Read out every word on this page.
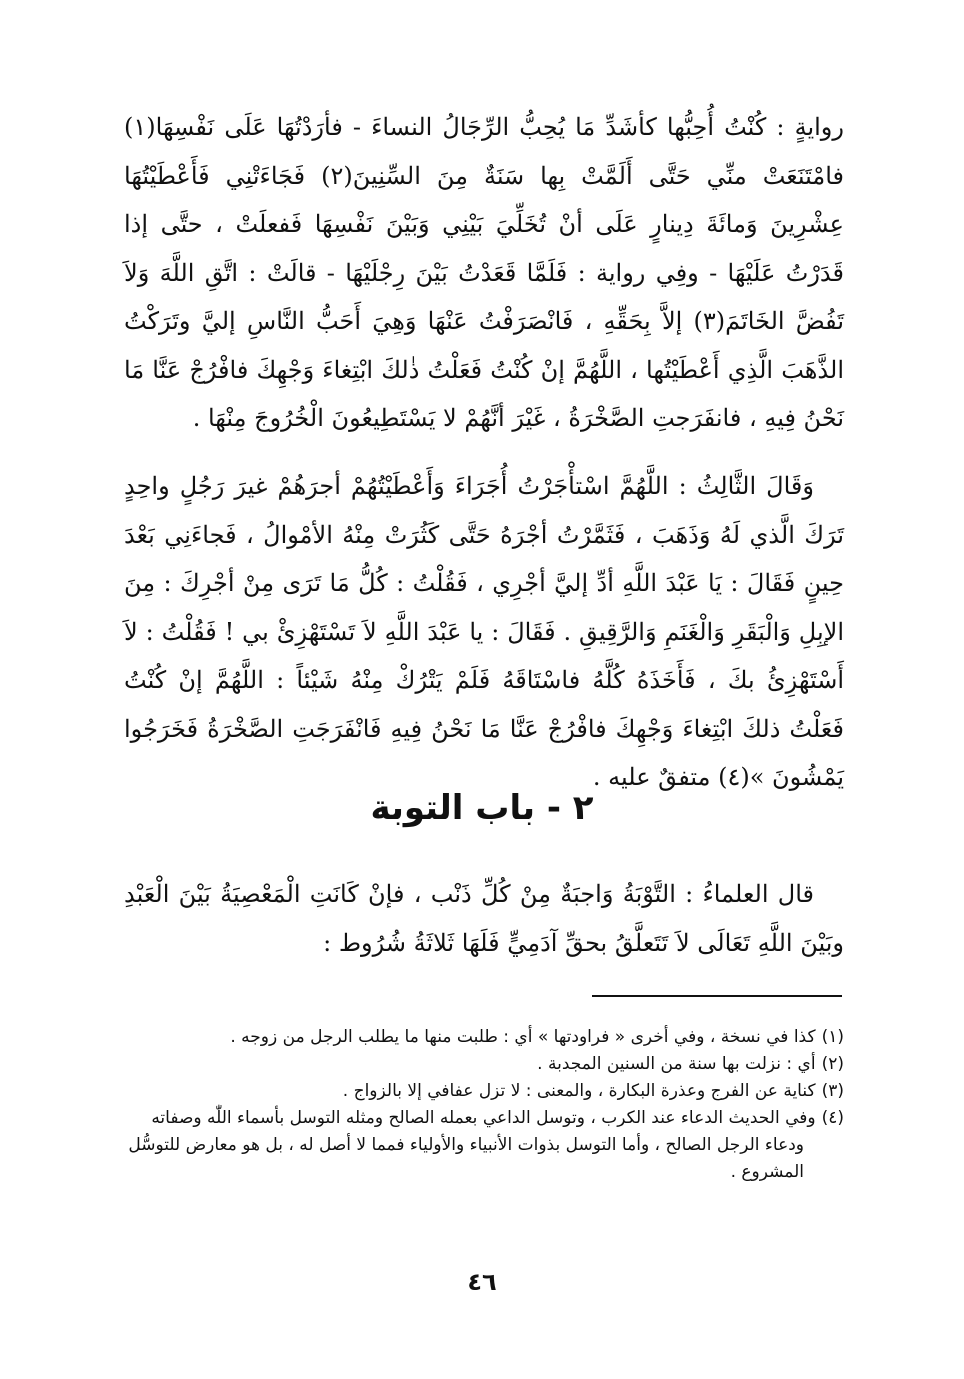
روايةٍ : كُنْتُ أُحِبُّها كأشَدِّ مَا يُحِبُّ الرِّجَالُ النساءَ - فأرَدْتُهَا عَلَى نَفْسِهَا(١) فامْتَنَعَتْ منِّي حَتَّى أَلَمَّتْ بِها سَنَةٌ مِنَ السِّنِينَ(٢) فَجَاءَتْنِي فَأَعْطَيْتُهَا عِشْرِينَ وَمائَةَ دِينارٍ عَلَى أنْ تُخَلِّيَ بَيْنِي وَبَيْنَ نَفْسِهَا فَفعلَتْ ، حتَّى إذا قَدَرْتُ عَلَيْهَا - وفِي رواية : فَلَمَّا قَعَدْتُ بَيْنَ رِجْلَيْهَا - قالَتْ : اتَّقِ اللَّهَ وَلاَ تَفُضَّ الخَاتَمَ(٣) إلاَّ بِحَقِّهِ ، فَانْصَرَفْتُ عَنْهَا وَهِيَ أَحَبُّ النَّاسِ إليَّ وتَرَكْتُ الذَّهَبَ الَّذِي أَعْطَيْتُها ، اللَّهُمَّ إنْ كُنْتُ فَعَلْتُ ذٰلكَ ابْتِغاءَ وَجْهِكَ فافْرُجْ عَنَّا مَا نَحْنُ فِيهِ ، فانفَرَجتِ الصَّخْرَةُ ، غَيْرَ أنَّهُمْ لا يَسْتَطِيعُونَ الْخُرُوجَ مِنْهَا .

وَقَالَ الثَّالِثُ : اللَّهُمَّ اسْتأْجَرْتُ أُجَرَاءَ وَأَعْطَيْتُهُمْ أجرَهُمْ غيرَ رَجُلٍ واحِدٍ تَرَكَ الَّذي لَهُ وَذَهَبَ ، فَثَمَّرْتُ أجْرَهُ حَتَّى كَثُرَتْ مِنْهُ الأمْوالُ ، فَجاءَنِي بَعْدَ حِينٍ فَقَالَ : يَا عَبْدَ اللَّهِ أدِّ إليَّ أجْرِي ، فَقُلْتُ : كُلُّ مَا تَرَى مِنْ أجْرِكَ : مِنَ الإبِلِ وَالْبَقَرِ وَالْغَنَمِ وَالرَّقِيقِ . فَقَالَ : يا عَبْدَ اللَّهِ لاَ تَسْتَهْزِئْ بي ! فَقُلْتُ : لاَ أَسْتَهْزِئُ بكَ ، فَأَخَذَهُ كُلَّهُ فاسْتَاقَهُ فَلَمْ يَتْرُكْ مِنْهُ شَيْئاً : اللَّهُمَّ إنْ كُنْتُ فَعَلْتُ ذلكَ ابْتِغاءَ وَجْهِكَ فافْرُجْ عَنَّا مَا نَحْنُ فِيهِ فَانْفَرَجَتِ الصَّخْرَةُ فَخَرَجُوا يَمْشُونَ »(٤) متفقٌ عليه .

٢ - باب التوبة

قال العلماءُ : التَّوْبَةُ وَاجبَةٌ مِنْ كُلِّ ذَنْب ، فإنْ كَانَتِ الْمَعْصِيَةُ بَيْنَ الْعَبْدِ وبَيْنَ اللَّهِ تَعَالَى لاَ تَتَعلَّقُ بحقِّ آدَمِيٍّ فَلَهَا ثَلاثَةُ شُرُوط :

(١)كذا في نسخة ، وفي أخرى « فراودتها » أي : طلبت منها ما يطلب الرجل من زوجه .

(٢)أي : نزلت بها سنة من السنين المجدبة .

(٣)كناية عن الفرج وعذرة البكارة ، والمعنى : لا تزل عفافي إلا بالزواج .

(٤)وفي الحديث الدعاء عند الكرب ، وتوسل الداعي بعمله الصالح ومثله التوسل بأسماء اللّٰه وصفاته
ودعاء الرجل الصالح ، وأما التوسل بذوات الأنبياء والأولياء فمما لا أصل له ، بل هو معارض للتوسُّل المشروع .

٤٦
